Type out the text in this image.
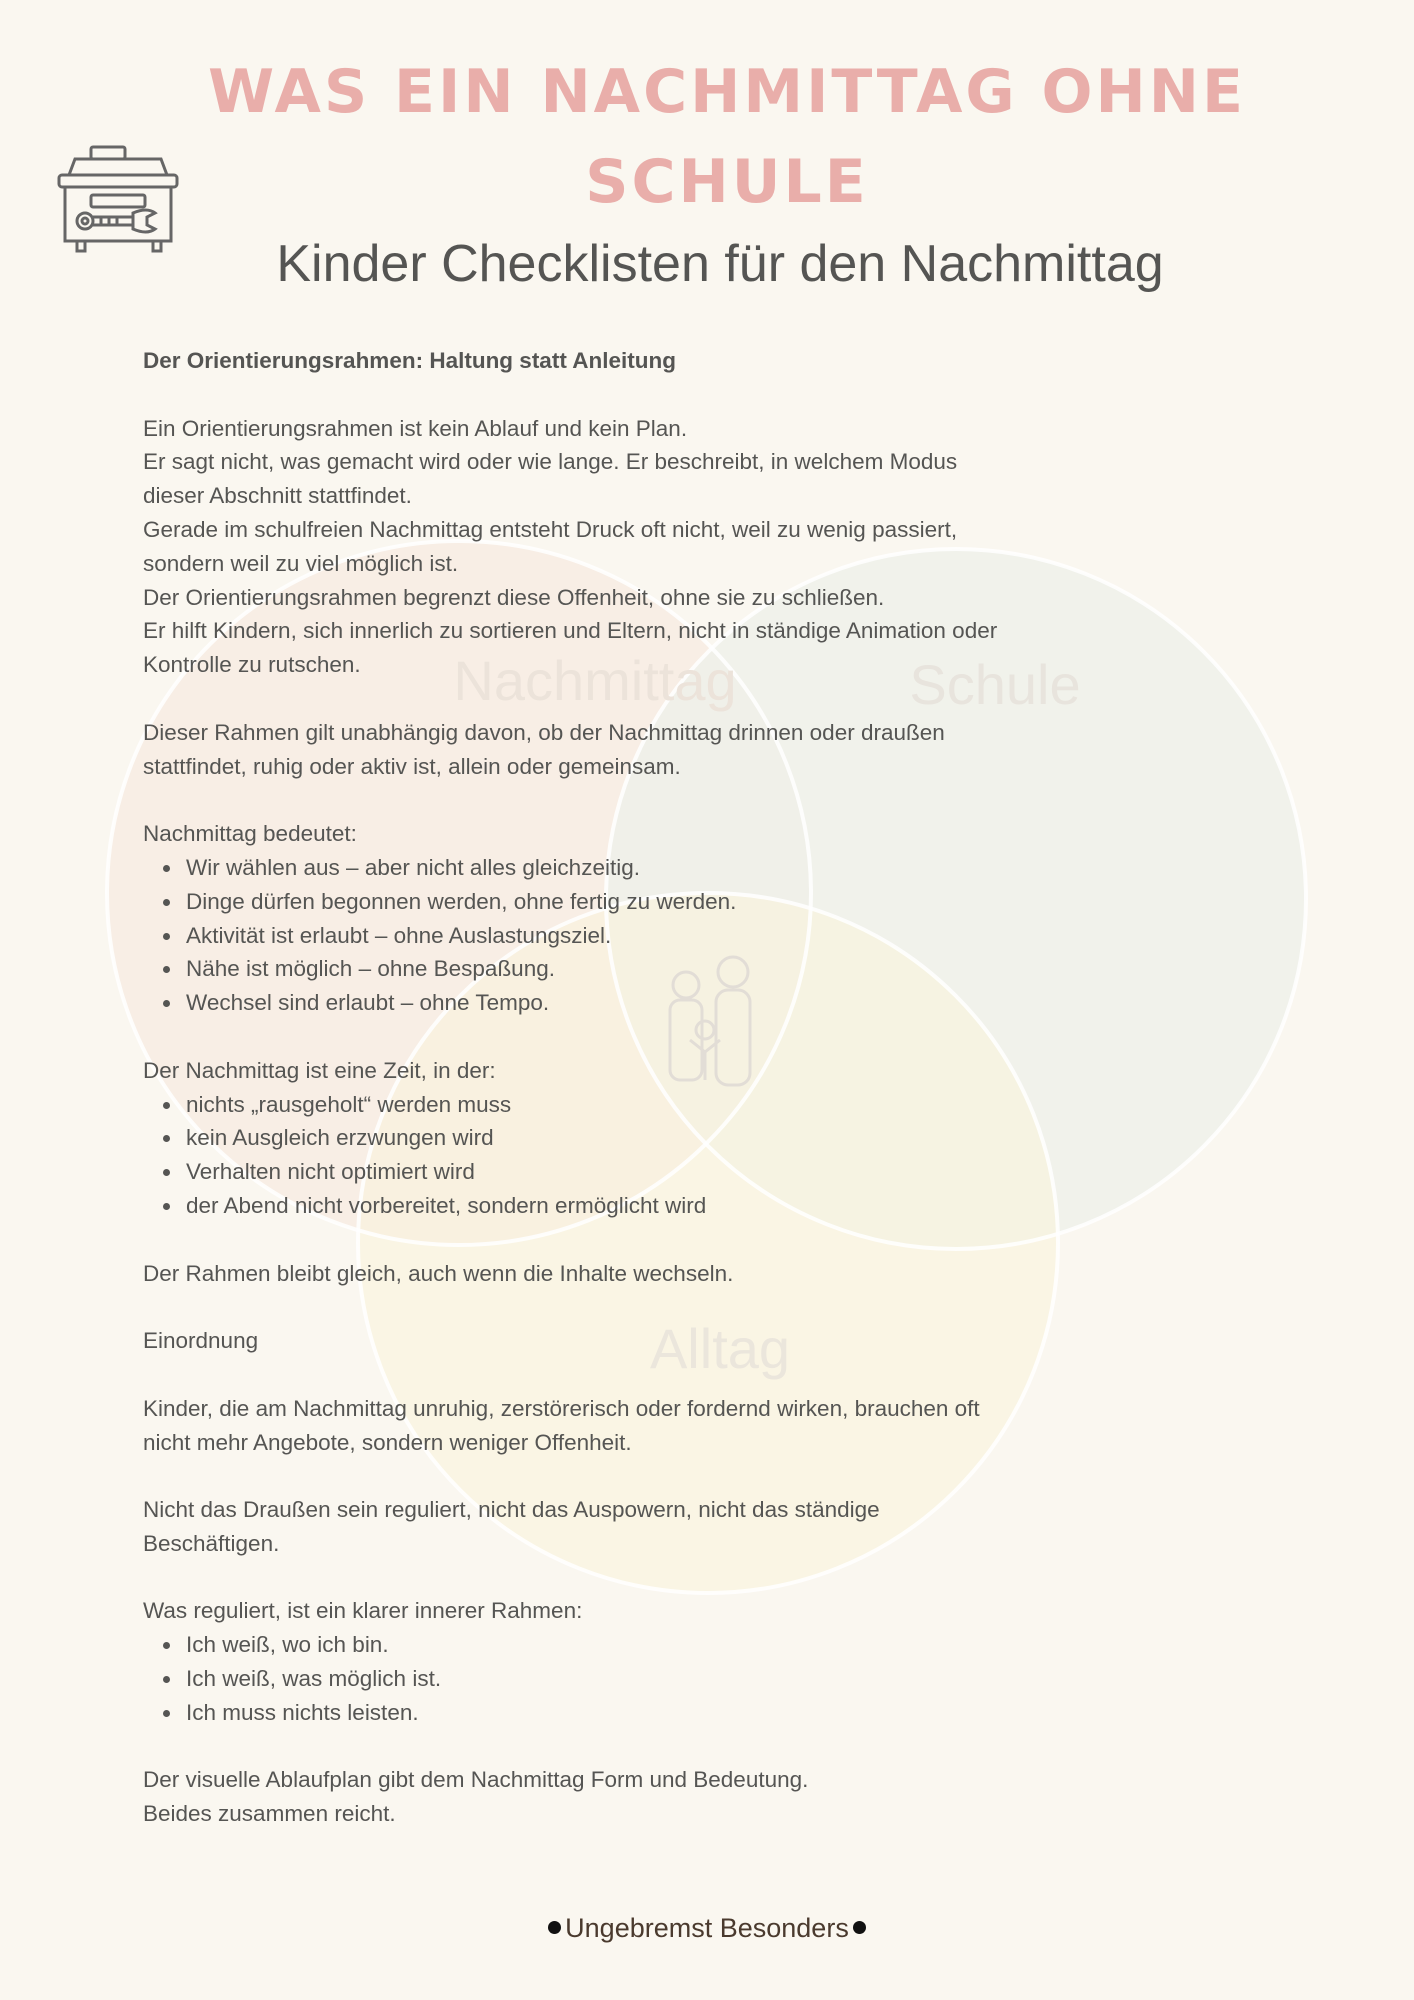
Nachmittag	Schule
Alltag
WAS EIN NACHMITTAG OHNE
SCHULE
Kinder Checklisten für den Nachmittag
Der Orientierungsrahmen: Haltung statt Anleitung
Ein Orientierungsrahmen ist kein Ablauf und kein Plan.
Er sagt nicht, was gemacht wird oder wie lange. Er beschreibt, in welchem Modus
dieser Abschnitt stattfindet.
Gerade im schulfreien Nachmittag entsteht Druck oft nicht, weil zu wenig passiert,
sondern weil zu viel möglich ist.
Der Orientierungsrahmen begrenzt diese Offenheit, ohne sie zu schließen.
Er hilft Kindern, sich innerlich zu sortieren und Eltern, nicht in ständige Animation oder
Kontrolle zu rutschen.
Dieser Rahmen gilt unabhängig davon, ob der Nachmittag drinnen oder draußen
stattfindet, ruhig oder aktiv ist, allein oder gemeinsam.
Nachmittag bedeutet:
Wir wählen aus – aber nicht alles gleichzeitig.
Dinge dürfen begonnen werden, ohne fertig zu werden.
Aktivität ist erlaubt – ohne Auslastungsziel.
Nähe ist möglich – ohne Bespaßung.
Wechsel sind erlaubt – ohne Tempo.
Der Nachmittag ist eine Zeit, in der:
nichts „rausgeholt“ werden muss
kein Ausgleich erzwungen wird
Verhalten nicht optimiert wird
der Abend nicht vorbereitet, sondern ermöglicht wird
Der Rahmen bleibt gleich, auch wenn die Inhalte wechseln.
Einordnung
Kinder, die am Nachmittag unruhig, zerstörerisch oder fordernd wirken, brauchen oft
nicht mehr Angebote, sondern weniger Offenheit.
Nicht das Draußen sein reguliert, nicht das Auspowern, nicht das ständige
Beschäftigen.
Was reguliert, ist ein klarer innerer Rahmen:
Ich weiß, wo ich bin.
Ich weiß, was möglich ist.
Ich muss nichts leisten.
Der visuelle Ablaufplan gibt dem Nachmittag Form und Bedeutung.
Beides zusammen reicht.
Ungebremst Besonders
